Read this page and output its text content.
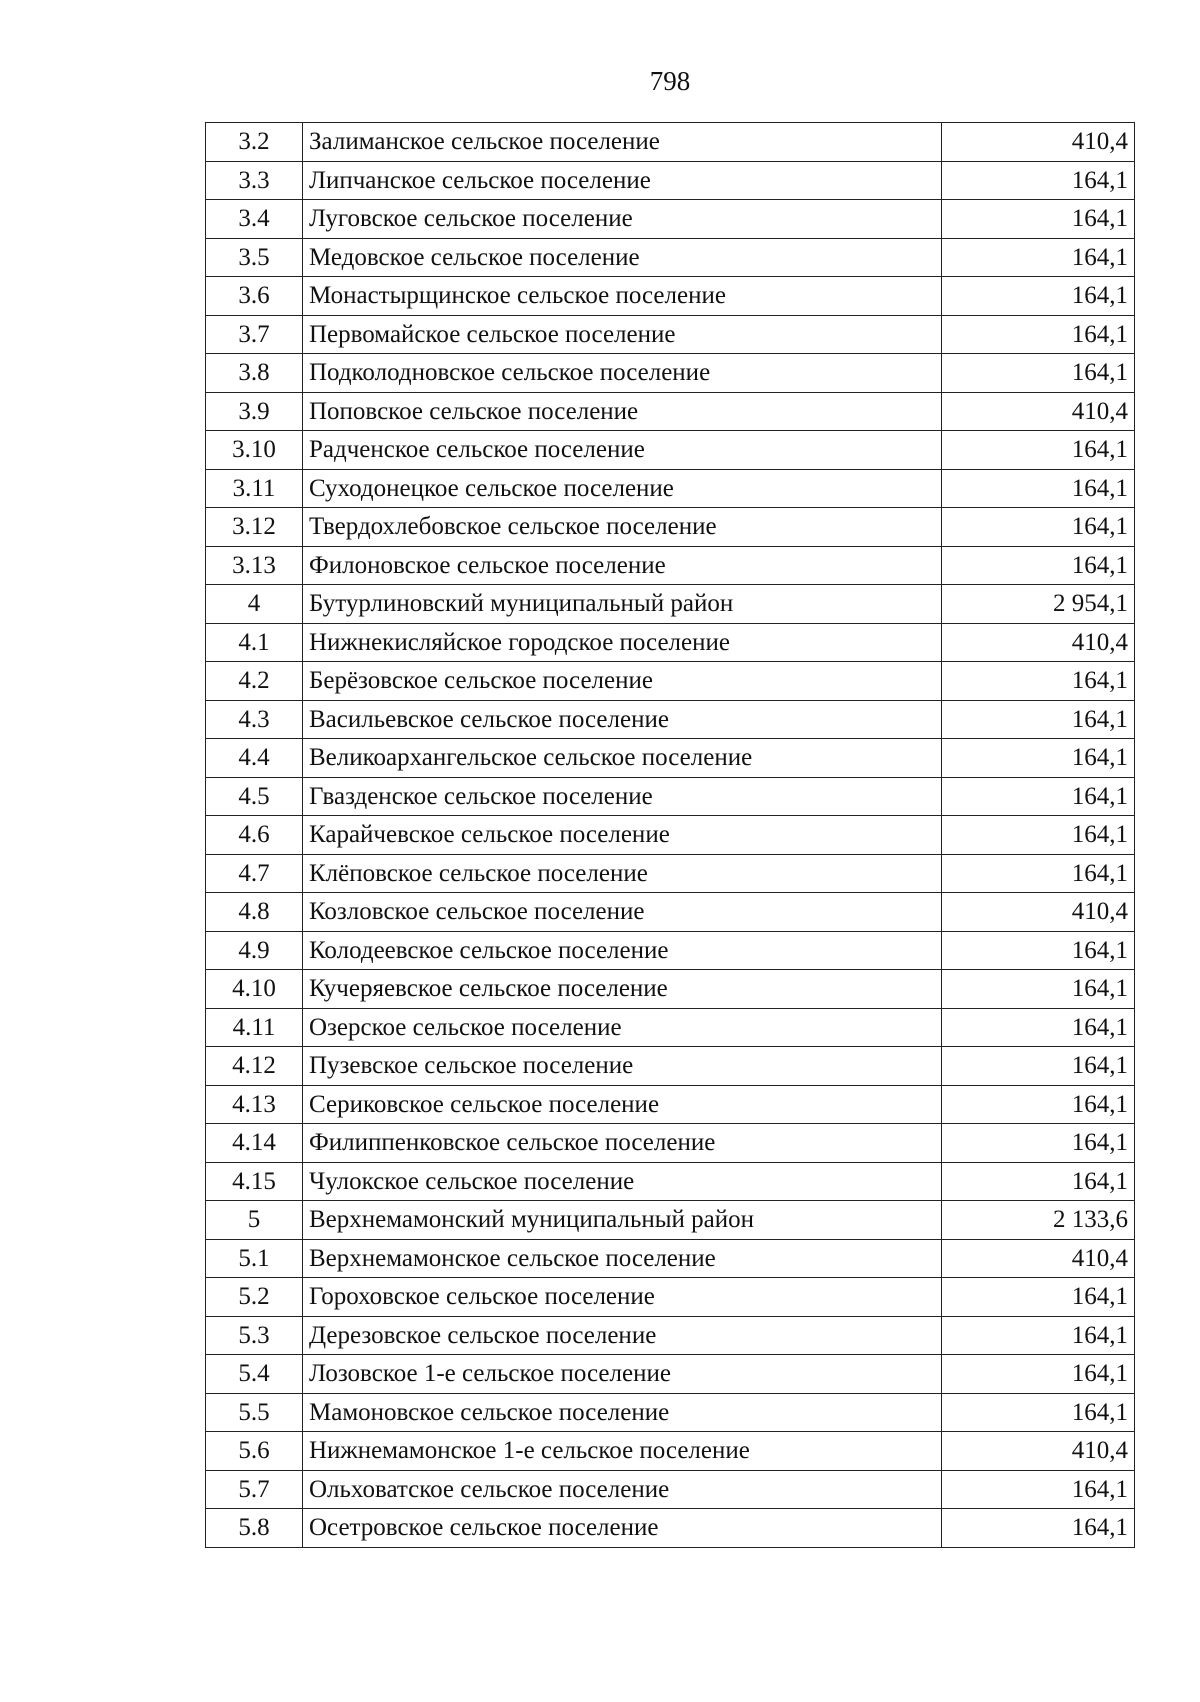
798
3.2	Залиманское сельское поселение	410,4
3.3	Липчанское сельское поселение	164,1
3.4	Луговское сельское поселение	164,1
3.5	Медовское сельское поселение	164,1
3.6	Монастырщинское сельское поселение	164,1
3.7	Первомайское сельское поселение	164,1
3.8	Подколодновское сельское поселение	164,1
3.9	Поповское сельское поселение	410,4
3.10	Радченское сельское поселение	164,1
3.11	Суходонецкое сельское поселение	164,1
3.12	Твердохлебовское сельское поселение	164,1
3.13	Филоновское сельское поселение	164,1
4	Бутурлиновский муниципальный район	2 954,1
4.1	Нижнекисляйское городское поселение	410,4
4.2	Берёзовское сельское поселение	164,1
4.3	Васильевское сельское поселение	164,1
4.4	Великоархангельское сельское поселение	164,1
4.5	Гвазденское сельское поселение	164,1
4.6	Карайчевское сельское поселение	164,1
4.7	Клёповское сельское поселение	164,1
4.8	Козловское сельское поселение	410,4
4.9	Колодеевское сельское поселение	164,1
4.10	Кучеряевское сельское поселение	164,1
4.11	Озерское сельское поселение	164,1
4.12	Пузевское сельское поселение	164,1
4.13	Сериковское сельское поселение	164,1
4.14	Филиппенковское сельское поселение	164,1
4.15	Чулокское сельское поселение	164,1
5	Верхнемамонский муниципальный район	2 133,6
5.1	Верхнемамонское сельское поселение	410,4
5.2	Гороховское сельское поселение	164,1
5.3	Дерезовское сельское поселение	164,1
5.4	Лозовское 1-е сельское поселение	164,1
5.5	Мамоновское сельское поселение	164,1
5.6	Нижнемамонское 1-е сельское поселение	410,4
5.7	Ольховатское сельское поселение	164,1
5.8	Осетровское сельское поселение	164,1
